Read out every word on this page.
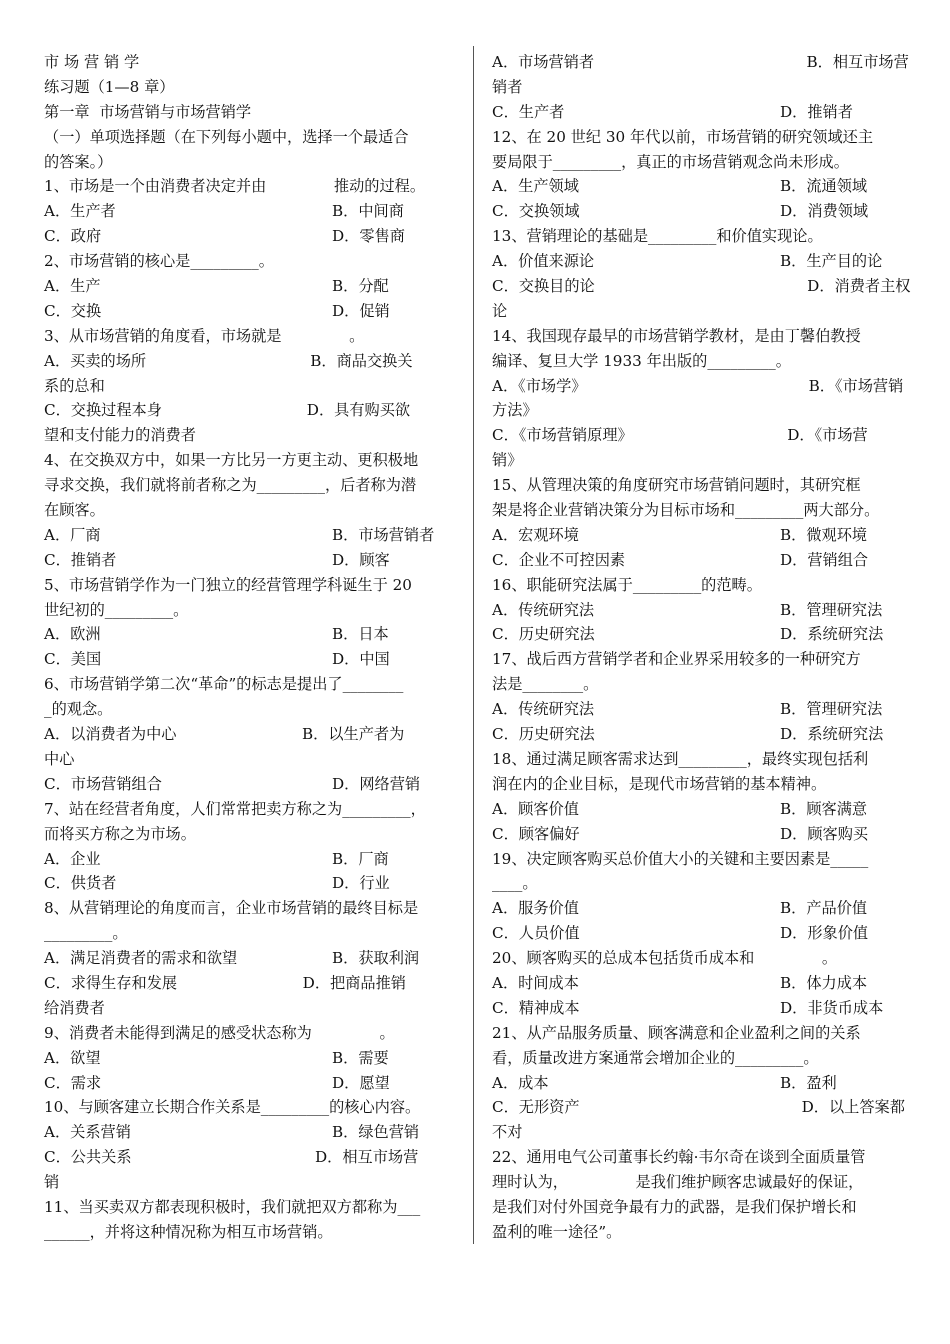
市 场 营 销 学
练习题（1—8 章）
第一章  市场营销与市场营销学
（一）单项选择题（在下列每小题中，选择一个最适合
的答案。）
1、市场是一个由消费者决定并由              推动的过程。
A．生产者	B．中间商
C．政府	D．零售商
2、市场营销的核心是_________。
A．生产	B．分配
C．交换	D．促销
3、从市场营销的角度看，市场就是              。
A．买卖的场所                                  B．商品交换关
系的总和
C．交换过程本身                              D．具有购买欲
望和支付能力的消费者
4、在交换双方中，如果一方比另一方更主动、更积极地
寻求交换，我们就将前者称之为_________，后者称为潜
在顾客。
A．厂商	B．市场营销者
C．推销者	D．顾客
5、市场营销学作为一门独立的经营管理学科诞生于 20
世纪初的_________。
A．欧洲	B．日本
C．美国	D．中国
6、市场营销学第二次“革命”的标志是提出了________
_的观念。
A．以消费者为中心                          B．以生产者为
中心
C．市场营销组合	D．网络营销
7、站在经营者角度，人们常常把卖方称之为_________，
而将买方称之为市场。
A．企业	B．厂商
C．供货者	D．行业
8、从营销理论的角度而言，企业市场营销的最终目标是
_________。
A．满足消费者的需求和欲望	B．获取利润
C．求得生存和发展                          D．把商品推销
给消费者
9、消费者未能得到满足的感受状态称为              。
A．欲望	B．需要
C．需求	D．愿望
10、与顾客建立长期合作关系是_________的核心内容。
A．关系营销	B．绿色营销
C．公共关系                                      D．相互市场营
销
11、当买卖双方都表现积极时，我们就把双方都称为___
______，并将这种情况称为相互市场营销。
A．市场营销者                                            B．相互市场营
销者
C．生产者	D．推销者
12、在 20 世纪 30 年代以前，市场营销的研究领域还主
要局限于_________，真正的市场营销观念尚未形成。
A．生产领域	B．流通领域
C．交换领域	D．消费领域
13、营销理论的基础是_________和价值实现论。
A．价值来源论	B．生产目的论
C．交换目的论                                            D．消费者主权
论
14、我国现存最早的市场营销学教材，是由丁馨伯教授
编译、复旦大学 1933 年出版的_________。
A．《市场学》                                              B．《市场营销
方法》
C．《市场营销原理》                                D．《市场营
销》
15、从管理决策的角度研究市场营销问题时，其研究框
架是将企业营销决策分为目标市场和_________两大部分。
A．宏观环境	B．微观环境
C．企业不可控因素	D．营销组合
16、职能研究法属于_________的范畴。
A．传统研究法	B．管理研究法
C．历史研究法	D．系统研究法
17、战后西方营销学者和企业界采用较多的一种研究方
法是________。
A．传统研究法	B．管理研究法
C．历史研究法	D．系统研究法
18、通过满足顾客需求达到_________，最终实现包括利
润在内的企业目标，是现代市场营销的基本精神。
A．顾客价值	B．顾客满意
C．顾客偏好	D．顾客购买
19、决定顾客购买总价值大小的关键和主要因素是_____
____。
A．服务价值	B．产品价值
C．人员价值	D．形象价值
20、顾客购买的总成本包括货币成本和              。
A．时间成本	B．体力成本
C．精神成本	D．非货币成本
21、从产品服务质量、顾客满意和企业盈利之间的关系
看，质量改进方案通常会增加企业的_________。
A．成本	B．盈利
C．无形资产                                              D．以上答案都
不对
22、通用电气公司董事长约翰·韦尔奇在谈到全面质量管
理时认为，              是我们维护顾客忠诚最好的保证，
是我们对付外国竞争最有力的武器，是我们保护增长和
盈利的唯一途径”。
